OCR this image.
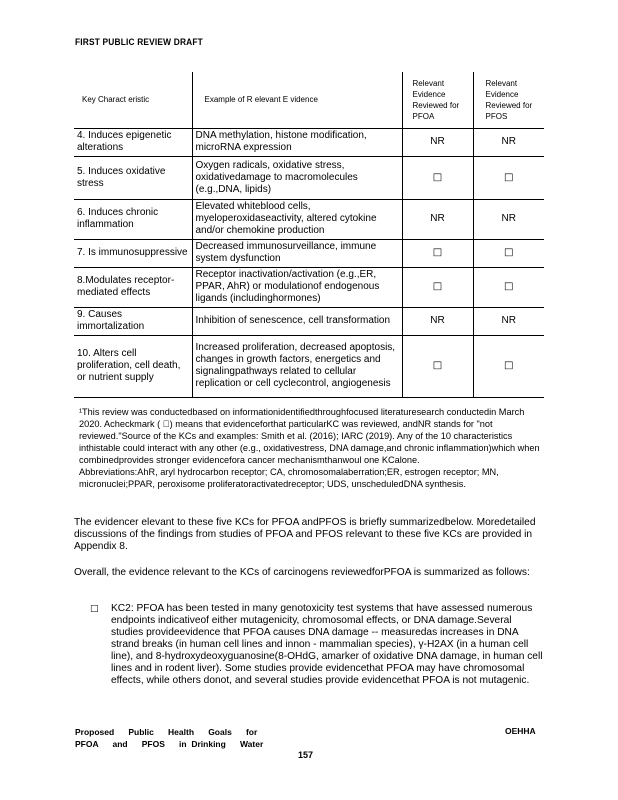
FIRST PUBLIC REVIEW DRAFT
Key Charact eristic	Example of R elevant E vidence	Relevant Evidence Reviewed for PFOA	Relevant Evidence Reviewed for PFOS
4. Induces epigenetic alterations	DNA methylation, histone modification, microRNA expression	NR	NR
5. Induces oxidative stress	Oxygen radicals, oxidative stress, oxidativedamage to macromolecules (e.g.,DNA, lipids)	□	□
6. Induces chronic inflammation	Elevated whiteblood cells, myeloperoxidaseactivity, altered cytokine and/or chemokine production	NR	NR
7. Is immunosuppressive	Decreased immunosurveillance, immune system dysfunction	□	□
8.Modulates receptor-mediated effects	Receptor inactivation/activation (e.g.,ER, PPAR, AhR) or modulationof endogenous ligands (includinghormones)	□	□
9. Causes immortalization	Inhibition of senescence, cell transformation	NR	NR
10. Alters cell proliferation, cell death, or nutrient supply	Increased proliferation, decreased apoptosis, changes in growth factors, energetics and signalingpathways related to cellular replication or cell cyclecontrol, angiogenesis	□	□

¹This review was conductedbased on informationidentifiedthroughfocused literaturesearch conductedin March 2020. Acheckmark ( ) means that evidenceforthat particularKC was reviewed, andNR stands for "not reviewed."Source of the KCs and examples: Smith et al. (2016); IARC (2019). Any of the 10 characteristics inthistable could interact with any other (e.g., oxidativestress, DNA damage,and chronic inflammation)which when combinedprovides stronger evidencefora cancer mechanismthanwoul one KCalone.

Abbreviations:AhR, aryl hydrocarbon receptor; CA, chromosomalaberration;ER, estrogen receptor; MN, micronuclei;PPAR, peroxisome proliferatoractivatedreceptor; UDS, unscheduledDNA synthesis.

The evidencer elevant to these five KCs for PFOA andPFOS is briefly summarizedbelow. Moredetailed discussions of the findings from studies of PFOA and PFOS relevant to these five KCs are provided in Appendix 8.

Overall, the evidence relevant to the KCs of carcinogens reviewedforPFOA is summarized as follows:

□ KC2: PFOA has been tested in many genotoxicity test systems that have assessed numerous endpoints indicativeof either mutagenicity, chromosomal effects, or DNA damage.Several studies provideevidence that PFOA causes DNA damage -- measuredas increases in DNA strand breaks (in human cell lines and innon - mammalian species), γ-H2AX (in a human cell line), and 8-hydroxydeoxyguanosine(8-OHdG, amarker of oxidative DNA damage, in human cell lines and in rodent liver). Some studies provide evidencethat PFOA may have chromosomal effects, while others donot, and several studies provide evidencethat PFOA is not mutagenic.
Proposed      Public      Health      Goals      for
PFOA      and      PFOS      in  Drinking      Water
OEHHA
157
